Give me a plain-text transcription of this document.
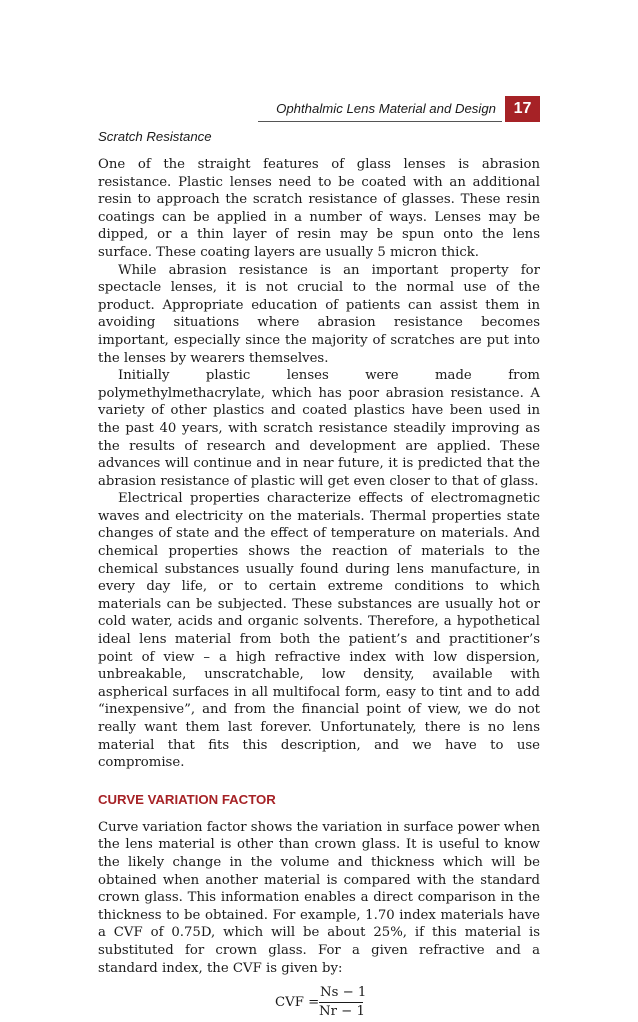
Ophthalmic Lens Material and Design	17
Scratch Resistance

One of the straight features of glass lenses is abrasion resistance. Plastic lenses need to be coated with an additional resin to approach the scratch resistance of glasses. These resin coatings can be applied in a number of ways. Lenses may be dipped, or a thin layer of resin may be spun onto the lens surface. These coating layers are usually 5 micron thick.

While abrasion resistance is an important property for spectacle lenses, it is not crucial to the normal use of the product. Appropriate education of patients can assist them in avoiding situations where abrasion resistance becomes important, especially since the majority of scratches are put into the lenses by wearers themselves.

Initially plastic lenses were made from polymethylmethacrylate, which has poor abrasion resistance. A variety of other plastics and coated plastics have been used in the past 40 years, with scratch resistance steadily improving as the results of research and development are applied. These advances will continue and in near future, it is predicted that the abrasion resistance of plastic will get even closer to that of glass.

Electrical properties characterize effects of electromagnetic waves and electricity on the materials. Thermal properties state changes of state and the effect of temperature on materials. And chemical properties shows the reaction of materials to the chemical substances usually found during lens manufacture, in every day life, or to certain extreme conditions to which materials can be subjected. These substances are usually hot or cold water, acids and organic solvents. Therefore, a hypothetical ideal lens material from both the patient’s and practitioner’s point of view – a high refractive index with low dispersion, unbreakable, unscratchable, low density, available with aspherical surfaces in all multifocal form, easy to tint and to add “inexpensive”, and from the financial point of view, we do not really want them last forever. Unfortunately, there is no lens material that fits this description, and we have to use compromise.

CURVE VARIATION FACTOR

Curve variation factor shows the variation in surface power when the lens material is other than crown glass. It is useful to know the likely change in the volume and thickness which will be obtained when another material is compared with the standard crown glass. This information enables a direct comparison in the thickness to be obtained. For example, 1.70 index materials have a CVF of 0.75D, which will be about 25%, if this material is substituted for crown glass. For a given refractive and a standard index, the CVF is given by:

CVF = $\frac{Ns - 1}{Nr - 1}$
